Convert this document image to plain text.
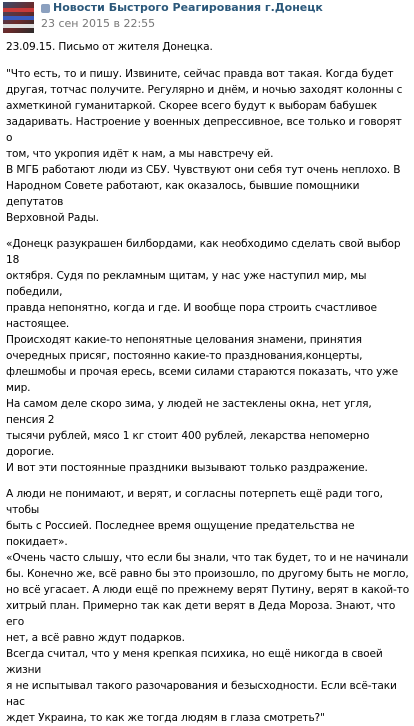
Новости Быстрого Реагирования г.Донецк
23 сен 2015 в 22:55

23.09.15. Письмо от жителя Донецка.

"Что есть, то и пишу. Извините, сейчас правда вот такая. Когда будет

другая, тотчас получите. Регулярно и днём, и ночью заходят колонны с

ахметкиной гуманитаркой. Скорее всего будут к выборам бабушек

задаривать. Настроение у военных депрессивное, все только и говорят о

том, что укропия идёт к нам, а мы навстречу ей.

В МГБ работают люди из СБУ. Чувствуют они себя тут очень неплохо. В

Народном Совете работают, как оказалось, бывшие помощники депутатов

Верховной Рады.

«Донецк разукрашен билбордами, как необходимо сделать свой выбор 18

октября. Судя по рекламным щитам, у нас уже наступил мир, мы победили,

правда непонятно, когда и где. И вообще пора строить счастливое

настоящее.

Происходят какие-то непонятные целования знамени, принятия

очередных присяг, постоянно какие-то празднования,концерты,

флешмобы и прочая ересь, всеми силами стараются показать, что уже мир.

На самом деле скоро зима, у людей не застеклены окна, нет угля, пенсия 2

тысячи рублей, мясо 1 кг стоит 400 рублей, лекарства непомерно дорогие.

И вот эти постоянные праздники вызывают только раздражение.

А люди не понимают, и верят, и согласны потерпеть ещё ради того, чтобы

быть с Россией. Последнее время ощущение предательства не покидает».

«Очень часто слышу, что если бы знали, что так будет, то и не начинали

бы. Конечно же, всё равно бы это произошло, по другому быть не могло,

но всё угасает. А люди ещё по прежнему верят Путину, верят в какой-то

хитрый план. Примерно так как дети верят в Деда Мороза. Знают, что его

нет, а всё равно ждут подарков.

Всегда считал, что у меня крепкая психика, но ещё никогда в своей жизни

я не испытывал такого разочарования и безысходности. Если всё-таки нас

ждет Украина, то как же тогда людям в глаза смотреть?"
